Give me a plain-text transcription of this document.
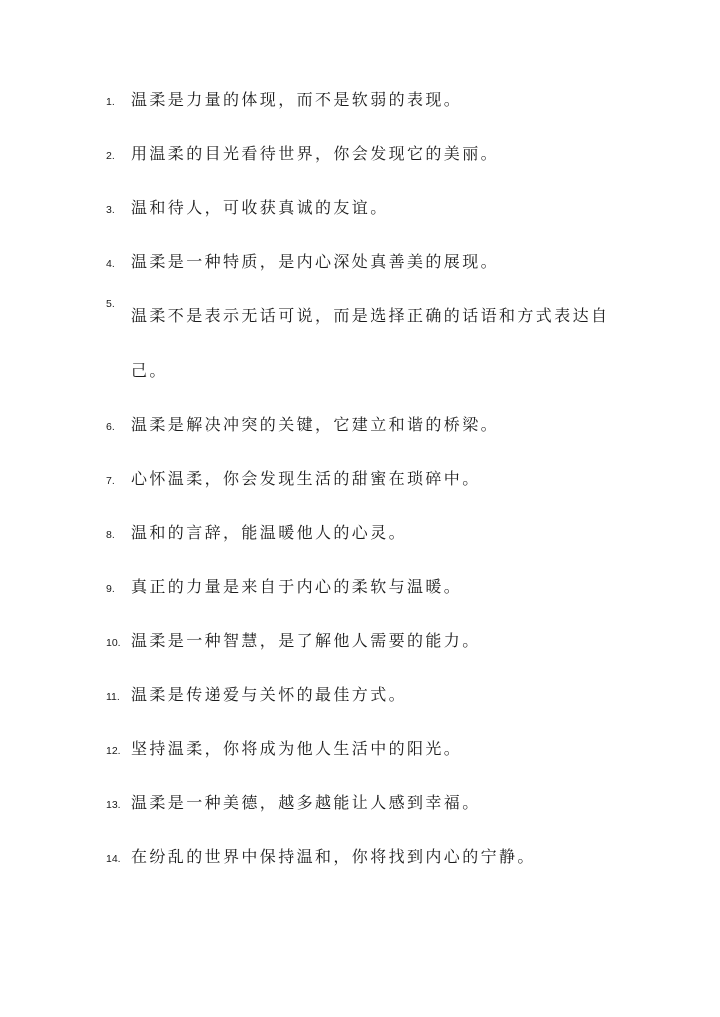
1. 温柔是力量的体现，而不是软弱的表现。
2. 用温柔的目光看待世界，你会发现它的美丽。
3. 温和待人，可收获真诚的友谊。
4. 温柔是一种特质，是内心深处真善美的展现。
5.
温柔不是表示无话可说，而是选择正确的话语和方式表达自己。
6. 温柔是解决冲突的关键，它建立和谐的桥梁。
7. 心怀温柔，你会发现生活的甜蜜在琐碎中。
8. 温和的言辞，能温暖他人的心灵。
9. 真正的力量是来自于内心的柔软与温暖。
10. 温柔是一种智慧，是了解他人需要的能力。
11. 温柔是传递爱与关怀的最佳方式。
12. 坚持温柔，你将成为他人生活中的阳光。
13. 温柔是一种美德，越多越能让人感到幸福。
14. 在纷乱的世界中保持温和，你将找到内心的宁静。
